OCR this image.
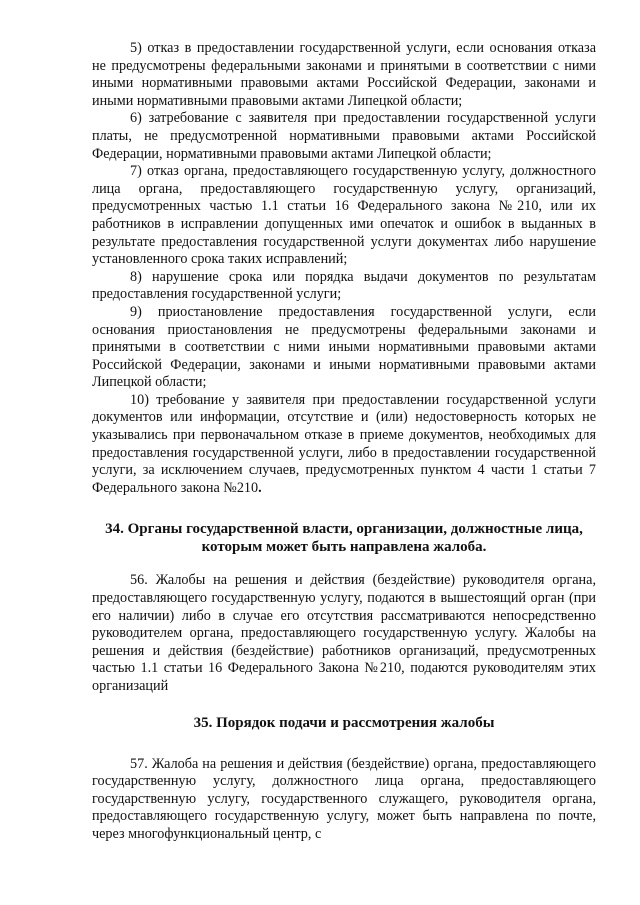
5) отказ в предоставлении государственной услуги, если основания отказа не предусмотрены федеральными законами и принятыми в соответствии с ними иными нормативными правовыми актами Российской Федерации, законами и иными нормативными правовыми актами Липецкой области;

6) затребование с заявителя при предоставлении государственной услуги платы, не предусмотренной нормативными правовыми актами Российской Федерации, нормативными правовыми актами Липецкой области;

7) отказ органа, предоставляющего государственную услугу, должностного лица органа, предоставляющего государственную услугу, организаций, предусмотренных частью 1.1 статьи 16 Федерального закона №210, или их работников в исправлении допущенных ими опечаток и ошибок в выданных в результате предоставления государственной услуги документах либо нарушение установленного срока таких исправлений;

8) нарушение срока или порядка выдачи документов по результатам предоставления государственной услуги;

9) приостановление предоставления государственной услуги, если основания приостановления не предусмотрены федеральными законами и принятыми в соответствии с ними иными нормативными правовыми актами Российской Федерации, законами и иными нормативными правовыми актами Липецкой области;

10) требование у заявителя при предоставлении государственной услуги документов или информации, отсутствие и (или) недостоверность которых не указывались при первоначальном отказе в приеме документов, необходимых для предоставления государственной услуги, либо в предоставлении государственной услуги, за исключением случаев, предусмотренных пунктом 4 части 1 статьи 7 Федерального закона №210.

34. Органы государственной власти, организации, должностные лица,
которым может быть направлена жалоба.

56. Жалобы на решения и действия (бездействие) руководителя органа, предоставляющего государственную услугу, подаются в вышестоящий орган (при его наличии) либо в случае его отсутствия рассматриваются непосредственно руководителем органа, предоставляющего государственную услугу. Жалобы на решения и действия (бездействие) работников организаций, предусмотренных частью 1.1 статьи 16 Федерального Закона №210, подаются руководителям этих организаций

35. Порядок подачи и рассмотрения жалобы

57. Жалоба на решения и действия (бездействие) органа, предоставляющего государственную услугу, должностного лица органа, предоставляющего государственную услугу, государственного служащего, руководителя органа, предоставляющего государственную услугу, может быть направлена по почте, через многофункциональный центр, с
